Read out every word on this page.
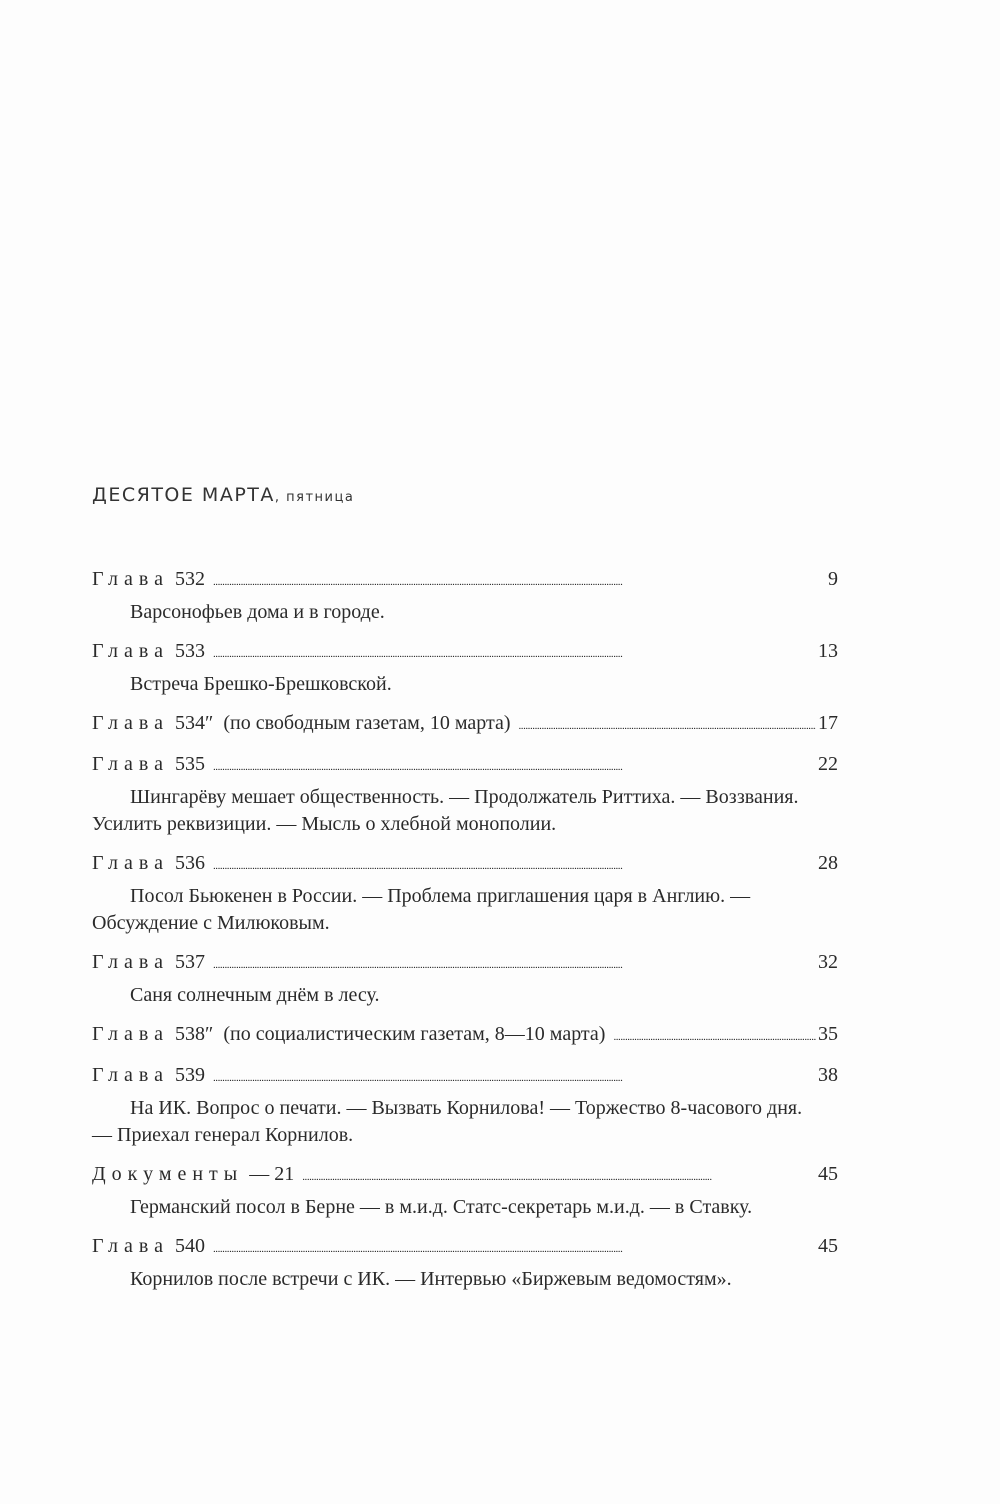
ДЕСЯТОЕ МАРТА, пятница
Глава 532 . . .	9
Варсонофьев дома и в городе.
Глава 533 . . .	13
Встреча Брешко-Брешковской.
Глава 534″ (по свободным газетам, 10 марта) . . .	17
Глава 535 . . .	22
Шингарёву мешает общественность. — Продолжатель Риттиха. — Воззвания. Усилить реквизиции. — Мысль о хлебной монополии.
Глава 536 . . .	28
Посол Бьюкенен в России. — Проблема приглашения царя в Англию. — Обсуждение с Милюковым.
Глава 537 . . .	32
Саня солнечным днём в лесу.
Глава 538″ (по социалистическим газетам, 8—10 марта) . . .	35
Глава 539 . . .	38
На ИК. Вопрос о печати. — Вызвать Корнилова! — Торжество 8-часового дня. — Приехал генерал Корнилов.
Документы — 21 . . .	45
Германский посол в Берне — в м.и.д. Статс-секретарь м.и.д. — в Ставку.
Глава 540 . . .	45
Корнилов после встречи с ИК. — Интервью «Биржевым ведомостям».
